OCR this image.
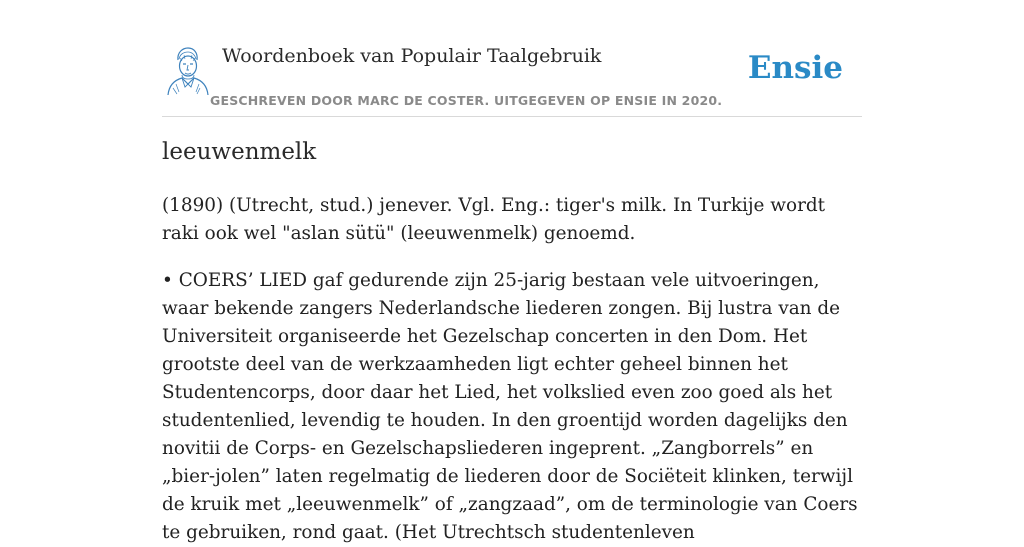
Woordenboek van Populair Taalgebruik
GESCHREVEN DOOR MARC DE COSTER. UITGEGEVEN OP ENSIE IN 2020.
Ensie
leeuwenmelk

(1890) (Utrecht, stud.) jenever. Vgl. Eng.: tiger's milk. In Turkije wordt raki ook wel "aslan sütü" (leeuwenmelk) genoemd.

• COERS’ LIED gaf gedurende zijn 25-jarig bestaan vele uitvoeringen, waar bekende zangers Nederlandsche liederen zongen. Bij lustra van de Universiteit organiseerde het Gezelschap concerten in den Dom. Het grootste deel van de werkzaamheden ligt echter geheel binnen het Studentencorps, door daar het Lied, het volkslied even zoo goed als het studentenlied, levendig te houden. In den groentijd worden dagelijks den novitii de Corps- en Gezelschapsliederen ingeprent. „Zangborrels” en „bier-jolen” laten regelmatig de liederen door de Sociëteit klinken, terwijl de kruik met „leeuwenmelk” of „zangzaad”, om de terminologie van Coers te gebruiken, rond gaat. (Het Utrechtsch studentenleven
